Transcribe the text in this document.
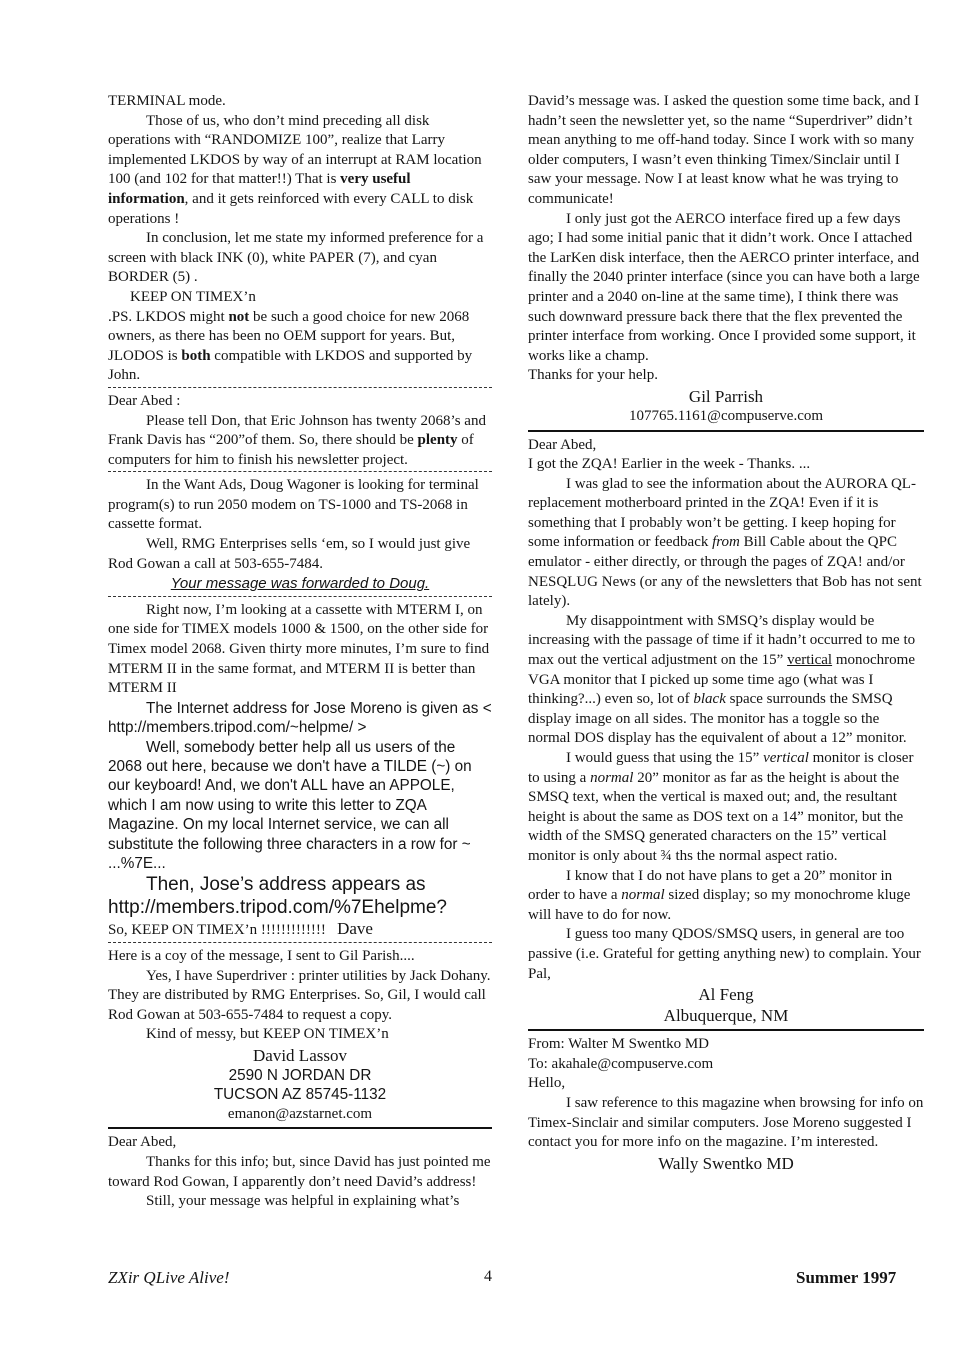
TERMINAL mode.

Those of us, who don’t mind preceding all disk operations with “RANDOMIZE 100”, realize that Larry implemented LKDOS by way of an interrupt at RAM location 100 (and 102 for that matter!!) That is very useful information, and it gets reinforced with every CALL to disk operations !

In conclusion, let me state my informed preference for a screen with black INK (0), white PAPER (7), and cyan BORDER (5) .

KEEP ON TIMEX’n

.PS. LKDOS might not be such a good choice for new 2068 owners, as there has been no OEM support for years. But, JLODOS is both compatible with LKDOS and supported by John.

Dear Abed :

Please tell Don, that Eric Johnson has twenty 2068’s and Frank Davis has “200”of them. So, there should be plenty of computers for him to finish his newsletter project.

In the Want Ads, Doug Wagoner is looking for terminal program(s) to run 2050 modem on TS-1000 and TS-2068 in cassette format.

Well, RMG Enterprises sells ‘em, so I would just give Rod Gowan a call at 503-655-7484.

Your message was forwarded to Doug.

Right now, I’m looking at a cassette with MTERM I, on one side for TIMEX models 1000 & 1500, on the other side for Timex model 2068. Given thirty more minutes, I’m sure to find MTERM II in the same format, and MTERM II is better than MTERM II

The Internet address for Jose Moreno is given as < http://members.tripod.com/~helpme/ >

Well, somebody better help all us users of the 2068 out here, because we don't have a TILDE (~) on our keyboard! And, we don't ALL have an APPOLE, which I am now using to write this letter to ZQA Magazine. On my local Internet service, we can all substitute the following three characters in a row for ~ ...%7E...

Then, Jose’s address appears as http://members.tripod.com/%7Ehelpme?

So, KEEP ON TIMEX’n !!!!!!!!!!!!! Dave

Here is a coy of the message, I sent to Gil Parish....

Yes, I have Superdriver : printer utilities by Jack Dohany. They are distributed by RMG Enterprises. So, Gil, I would call Rod Gowan at 503-655-7484 to request a copy.

Kind of messy, but KEEP ON TIMEX’n

David Lassov

2590 N JORDAN DR

TUCSON AZ 85745-1132

emanon@azstarnet.com

Dear Abed,

Thanks for this info; but, since David has just pointed me toward Rod Gowan, I apparently don’t need David’s address!

Still, your message was helpful in explaining what’s

David’s message was. I asked the question some time back, and I hadn’t seen the newsletter yet, so the name “Superdriver” didn’t mean anything to me off-hand today. Since I work with so many older computers, I wasn’t even thinking Timex/Sinclair until I saw your message. Now I at least know what he was trying to communicate!

I only just got the AERCO interface fired up a few days ago; I had some initial panic that it didn’t work. Once I attached the LarKen disk interface, then the AERCO printer interface, and finally the 2040 printer interface (since you can have both a large printer and a 2040 on-line at the same time), I think there was such downward pressure back there that the flex prevented the printer interface from working. Once I provided some support, it works like a champ.

Thanks for your help.

Gil Parrish

107765.1161@compuserve.com

Dear Abed,

I got the ZQA! Earlier in the week - Thanks. ...

I was glad to see the information about the AURORA QL-replacement motherboard printed in the ZQA! Even if it is something that I probably won’t be getting. I keep hoping for some information or feedback from Bill Cable about the QPC emulator - either directly, or through the pages of ZQA! and/or NESQLUG News (or any of the newsletters that Bob has not sent lately).

My disappointment with SMSQ’s display would be increasing with the passage of time if it hadn’t occurred to me to max out the vertical adjustment on the 15” vertical monochrome VGA monitor that I picked up some time ago (what was I thinking?...) even so, lot of black space surrounds the SMSQ display image on all sides. The monitor has a toggle so the normal DOS display has the equivalent of about a 12” monitor.

I would guess that using the 15” vertical monitor is closer to using a normal 20” monitor as far as the height is about the SMSQ text, when the vertical is maxed out; and, the resultant height is about the same as DOS text on a 14” monitor, but the width of the SMSQ generated characters on the 15” vertical monitor is only about ¾ ths the normal aspect ratio.

I know that I do not have plans to get a 20” monitor in order to have a normal sized display; so my monochrome kluge will have to do for now.

I guess too many QDOS/SMSQ users, in general are too passive (i.e. Grateful for getting anything new) to complain. Your Pal,

Al Feng

Albuquerque, NM

From: Walter M Swentko MD

To: akahale@compuserve.com

Hello,

I saw reference to this magazine when browsing for info on Timex-Sinclair and similar computers. Jose Moreno suggested I contact you for more info on the magazine. I’m interested.

Wally Swentko MD

ZXir QLive Alive!	4	Summer 1997
